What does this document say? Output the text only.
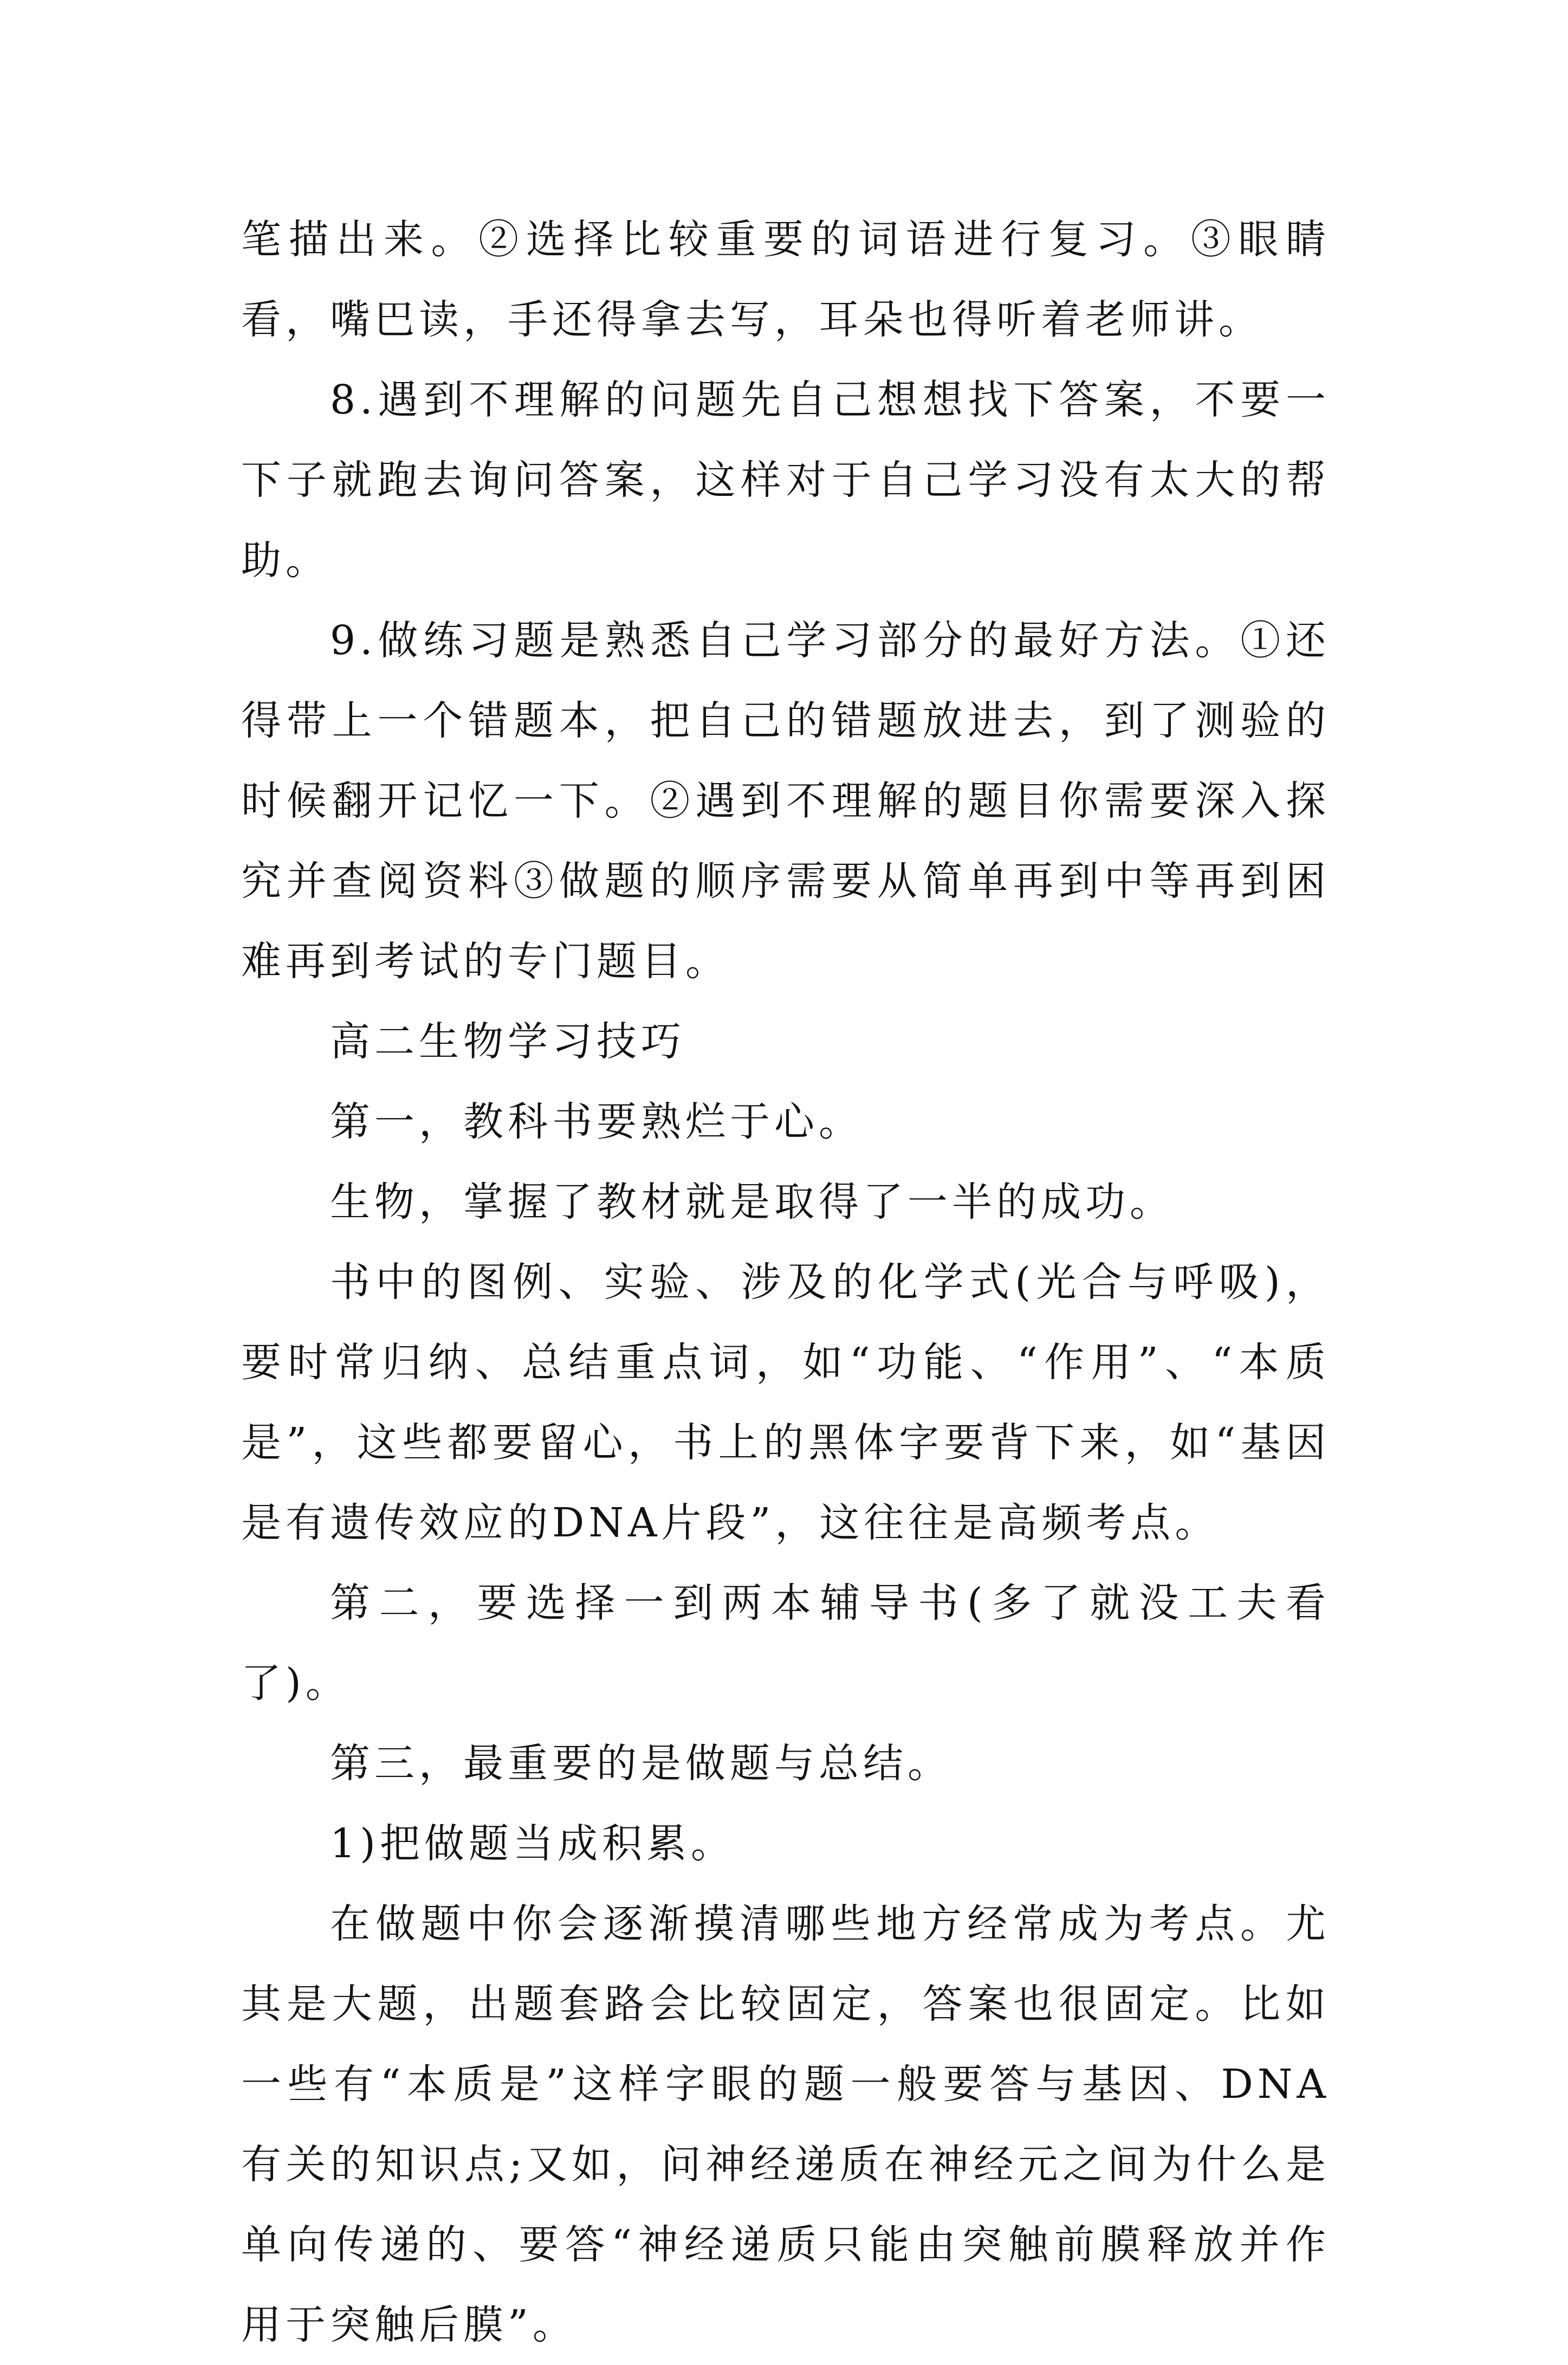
笔描出来。②选择比较重要的词语进行复习。③眼睛看，嘴巴读，手还得拿去写，耳朵也得听着老师讲。

8.遇到不理解的问题先自己想想找下答案，不要一下子就跑去询问答案，这样对于自己学习没有太大的帮助。

9.做练习题是熟悉自己学习部分的最好方法。①还得带上一个错题本，把自己的错题放进去，到了测验的时候翻开记忆一下。②遇到不理解的题目你需要深入探究并查阅资料③做题的顺序需要从简单再到中等再到困难再到考试的专门题目。

高二生物学习技巧

第一，教科书要熟烂于心。

生物，掌握了教材就是取得了一半的成功。

书中的图例、实验、涉及的化学式(光合与呼吸)，要时常归纳、总结重点词，如“功能、“作用”、“本质是”，这些都要留心，书上的黑体字要背下来，如“基因是有遗传效应的DNA片段”，这往往是高频考点。

第二，要选择一到两本辅导书(多了就没工夫看了)。

第三，最重要的是做题与总结。

1)把做题当成积累。

在做题中你会逐渐摸清哪些地方经常成为考点。尤其是大题，出题套路会比较固定，答案也很固定。比如一些有“本质是”这样字眼的题一般要答与基因、DNA有关的知识点;又如，问神经递质在神经元之间为什么是单向传递的、要答“神经递质只能由突触前膜释放并作用于突触后膜”。
